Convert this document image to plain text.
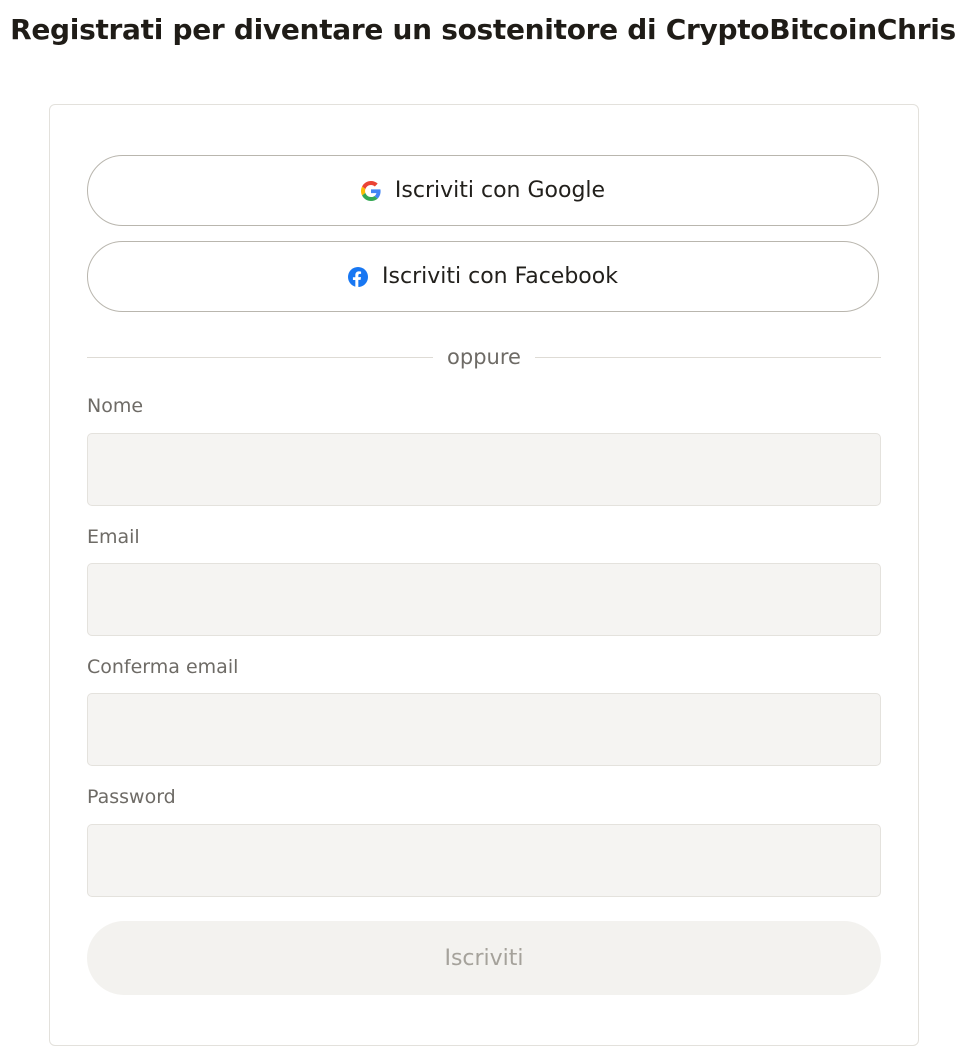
Registrati per diventare un sostenitore di CryptoBitcoinChris
Iscriviti con Google
Iscriviti con Facebook
oppure
Nome
Email
Conferma email
Password
Iscriviti
